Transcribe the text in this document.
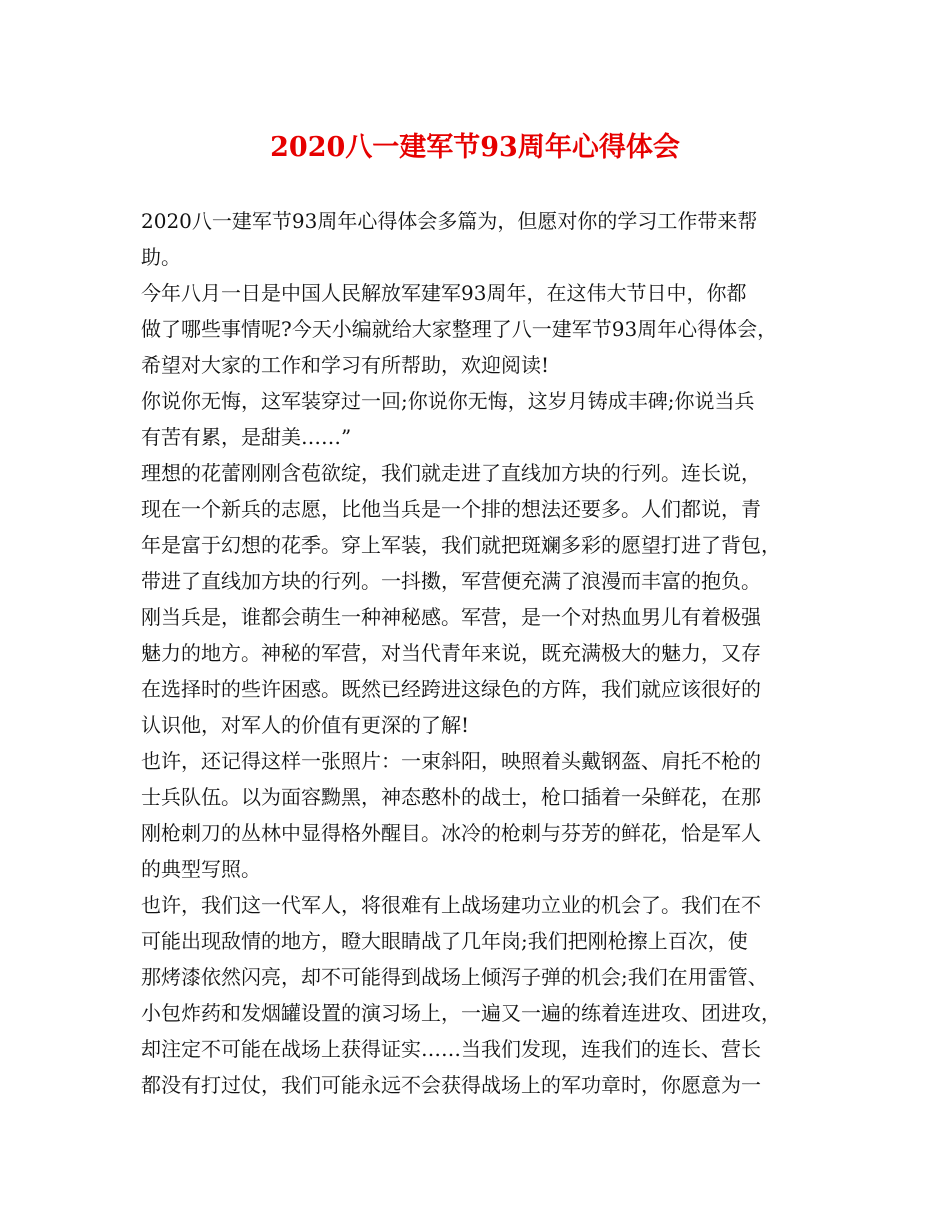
2020八一建军节93周年心得体会
2020八一建军节93周年心得体会多篇为，但愿对你的学习工作带来帮
助。
今年八月一日是中国人民解放军建军93周年，在这伟大节日中，你都
做了哪些事情呢?今天小编就给大家整理了八一建军节93周年心得体会，
希望对大家的工作和学习有所帮助，欢迎阅读!
你说你无悔，这军装穿过一回;你说你无悔，这岁月铸成丰碑;你说当兵
有苦有累，是甜美……”
理想的花蕾刚刚含苞欲绽，我们就走进了直线加方块的行列。连长说，
现在一个新兵的志愿，比他当兵是一个排的想法还要多。人们都说，青
年是富于幻想的花季。穿上军装，我们就把斑斓多彩的愿望打进了背包，
带进了直线加方块的行列。一抖擞，军营便充满了浪漫而丰富的抱负。
刚当兵是，谁都会萌生一种神秘感。军营，是一个对热血男儿有着极强
魅力的地方。神秘的军营，对当代青年来说，既充满极大的魅力，又存
在选择时的些许困惑。既然已经跨进这绿色的方阵，我们就应该很好的
认识他，对军人的价值有更深的了解!
也许，还记得这样一张照片：一束斜阳，映照着头戴钢盔、肩托不枪的
士兵队伍。以为面容黝黑，神态憨朴的战士，枪口插着一朵鲜花，在那
刚枪刺刀的丛林中显得格外醒目。冰冷的枪刺与芬芳的鲜花，恰是军人
的典型写照。
也许，我们这一代军人，将很难有上战场建功立业的机会了。我们在不
可能出现敌情的地方，瞪大眼睛战了几年岗;我们把刚枪擦上百次，使
那烤漆依然闪亮，却不可能得到战场上倾泻子弹的机会;我们在用雷管、
小包炸药和发烟罐设置的演习场上，一遍又一遍的练着连进攻、团进攻，
却注定不可能在战场上获得证实……当我们发现，连我们的连长、营长
都没有打过仗，我们可能永远不会获得战场上的军功章时，你愿意为一
